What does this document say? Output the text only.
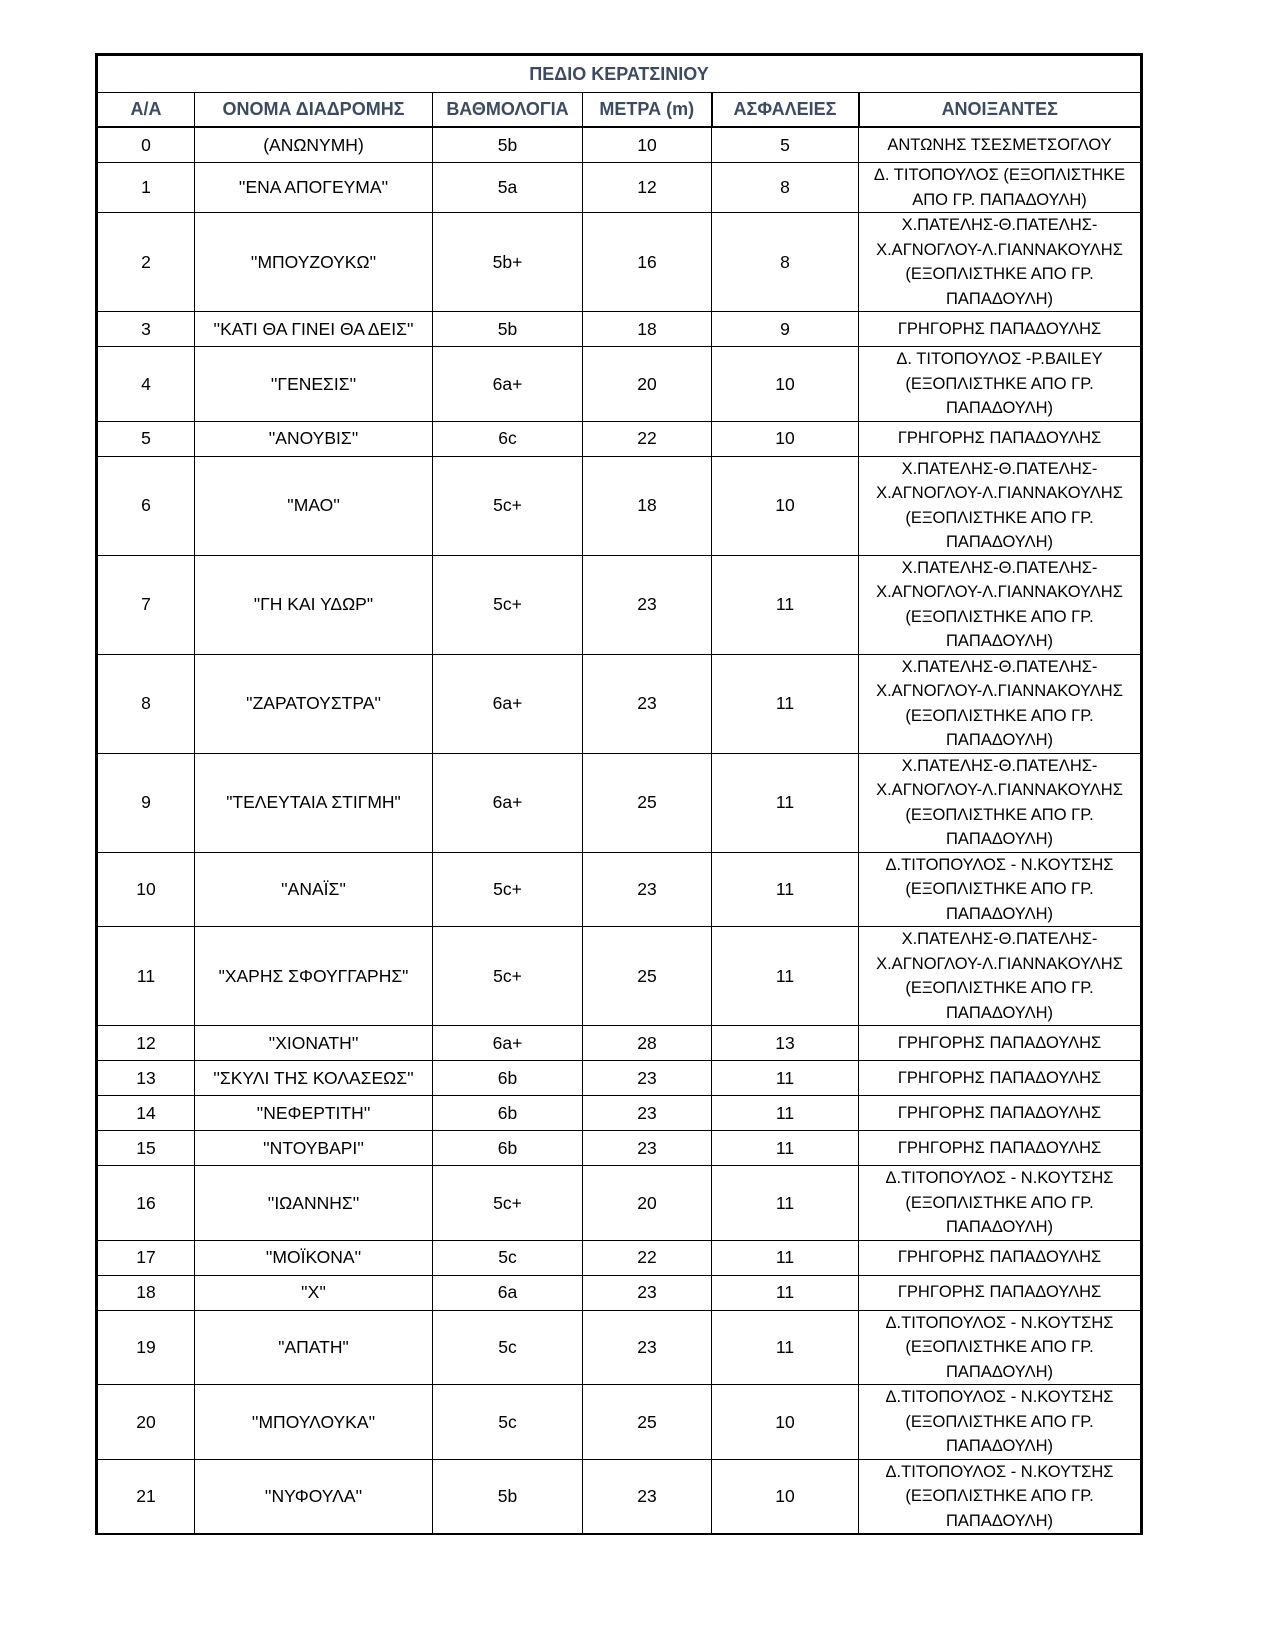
ΠΕΔΙΟ ΚΕΡΑΤΣΙΝΙΟΥ					
Α/Α	ΟΝΟΜΑ ΔΙΑΔΡΟΜΗΣ	ΒΑΘΜΟΛΟΓΙΑ	ΜΕΤΡΑ (m)	ΑΣΦΑΛΕΙΕΣ	ΑΝΟΙΞΑΝΤΕΣ
0	(ΑΝΩΝΥΜΗ)	5b	10	5	ΑΝΤΩΝΗΣ ΤΣΕΣΜΕΤΣΟΓΛΟΥ
1	''ΕΝΑ ΑΠΟΓΕΥΜΑ''	5a	12	8	Δ. ΤΙΤΟΠΟΥΛΟΣ (ΕΞΟΠΛΙΣΤΗΚΕ ΑΠΟ ΓΡ. ΠΑΠΑΔΟΥΛΗ)
2	''ΜΠΟΥΖΟΥΚΩ''	5b+	16	8	Χ.ΠΑΤΕΛΗΣ-Θ.ΠΑΤΕΛΗΣ-Χ.ΑΓΝΟΓΛΟΥ-Λ.ΓΙΑΝΝΑΚΟΥΛΗΣ (ΕΞΟΠΛΙΣΤΗΚΕ ΑΠΟ ΓΡ. ΠΑΠΑΔΟΥΛΗ)
3	''ΚΑΤΙ ΘΑ ΓΙΝΕΙ ΘΑ ΔΕΙΣ''	5b	18	9	ΓΡΗΓΟΡΗΣ ΠΑΠΑΔΟΥΛΗΣ
4	''ΓΕΝΕΣΙΣ''	6a+	20	10	Δ. ΤΙΤΟΠΟΥΛΟΣ -P.BAILEY (ΕΞΟΠΛΙΣΤΗΚΕ ΑΠΟ ΓΡ. ΠΑΠΑΔΟΥΛΗ)
5	''ΑΝΟΥΒΙΣ''	6c	22	10	ΓΡΗΓΟΡΗΣ ΠΑΠΑΔΟΥΛΗΣ
6	''ΜΑΟ''	5c+	18	10	Χ.ΠΑΤΕΛΗΣ-Θ.ΠΑΤΕΛΗΣ-Χ.ΑΓΝΟΓΛΟΥ-Λ.ΓΙΑΝΝΑΚΟΥΛΗΣ (ΕΞΟΠΛΙΣΤΗΚΕ ΑΠΟ ΓΡ. ΠΑΠΑΔΟΥΛΗ)
7	"ΓΗ ΚΑΙ ΥΔΩΡ"	5c+	23	11	Χ.ΠΑΤΕΛΗΣ-Θ.ΠΑΤΕΛΗΣ-Χ.ΑΓΝΟΓΛΟΥ-Λ.ΓΙΑΝΝΑΚΟΥΛΗΣ (ΕΞΟΠΛΙΣΤΗΚΕ ΑΠΟ ΓΡ. ΠΑΠΑΔΟΥΛΗ)
8	''ΖΑΡΑΤΟΥΣΤΡΑ''	6a+	23	11	Χ.ΠΑΤΕΛΗΣ-Θ.ΠΑΤΕΛΗΣ-Χ.ΑΓΝΟΓΛΟΥ-Λ.ΓΙΑΝΝΑΚΟΥΛΗΣ (ΕΞΟΠΛΙΣΤΗΚΕ ΑΠΟ ΓΡ. ΠΑΠΑΔΟΥΛΗ)
9	"ΤΕΛΕΥΤΑΙΑ ΣΤΙΓΜΗ"	6a+	25	11	Χ.ΠΑΤΕΛΗΣ-Θ.ΠΑΤΕΛΗΣ-Χ.ΑΓΝΟΓΛΟΥ-Λ.ΓΙΑΝΝΑΚΟΥΛΗΣ (ΕΞΟΠΛΙΣΤΗΚΕ ΑΠΟ ΓΡ. ΠΑΠΑΔΟΥΛΗ)
10	''ΑΝΑΪΣ''	5c+	23	11	Δ.ΤΙΤΟΠΟΥΛΟΣ - Ν.ΚΟΥΤΣΗΣ (ΕΞΟΠΛΙΣΤΗΚΕ ΑΠΟ ΓΡ. ΠΑΠΑΔΟΥΛΗ)
11	"ΧΑΡΗΣ ΣΦΟΥΓΓΑΡΗΣ"	5c+	25	11	Χ.ΠΑΤΕΛΗΣ-Θ.ΠΑΤΕΛΗΣ-Χ.ΑΓΝΟΓΛΟΥ-Λ.ΓΙΑΝΝΑΚΟΥΛΗΣ (ΕΞΟΠΛΙΣΤΗΚΕ ΑΠΟ ΓΡ. ΠΑΠΑΔΟΥΛΗ)
12	''ΧΙΟΝΑΤΗ''	6a+	28	13	ΓΡΗΓΟΡΗΣ ΠΑΠΑΔΟΥΛΗΣ
13	''ΣΚΥΛΙ ΤΗΣ ΚΟΛΑΣΕΩΣ''	6b	23	11	ΓΡΗΓΟΡΗΣ ΠΑΠΑΔΟΥΛΗΣ
14	''ΝΕΦΕΡΤΙΤΗ''	6b	23	11	ΓΡΗΓΟΡΗΣ ΠΑΠΑΔΟΥΛΗΣ
15	''ΝΤΟΥΒΑΡΙ''	6b	23	11	ΓΡΗΓΟΡΗΣ ΠΑΠΑΔΟΥΛΗΣ
16	''ΙΩΑΝΝΗΣ''	5c+	20	11	Δ.ΤΙΤΟΠΟΥΛΟΣ - Ν.ΚΟΥΤΣΗΣ (ΕΞΟΠΛΙΣΤΗΚΕ ΑΠΟ ΓΡ. ΠΑΠΑΔΟΥΛΗ)
17	''ΜΟΪΚΟΝΑ''	5c	22	11	ΓΡΗΓΟΡΗΣ ΠΑΠΑΔΟΥΛΗΣ
18	''Χ''	6a	23	11	ΓΡΗΓΟΡΗΣ ΠΑΠΑΔΟΥΛΗΣ
19	"ΑΠΑΤΗ"	5c	23	11	Δ.ΤΙΤΟΠΟΥΛΟΣ - Ν.ΚΟΥΤΣΗΣ (ΕΞΟΠΛΙΣΤΗΚΕ ΑΠΟ ΓΡ. ΠΑΠΑΔΟΥΛΗ)
20	''ΜΠΟΥΛΟΥΚΑ''	5c	25	10	Δ.ΤΙΤΟΠΟΥΛΟΣ - Ν.ΚΟΥΤΣΗΣ (ΕΞΟΠΛΙΣΤΗΚΕ ΑΠΟ ΓΡ. ΠΑΠΑΔΟΥΛΗ)
21	''ΝΥΦΟΥΛΑ''	5b	23	10	Δ.ΤΙΤΟΠΟΥΛΟΣ - Ν.ΚΟΥΤΣΗΣ (ΕΞΟΠΛΙΣΤΗΚΕ ΑΠΟ ΓΡ. ΠΑΠΑΔΟΥΛΗ)
